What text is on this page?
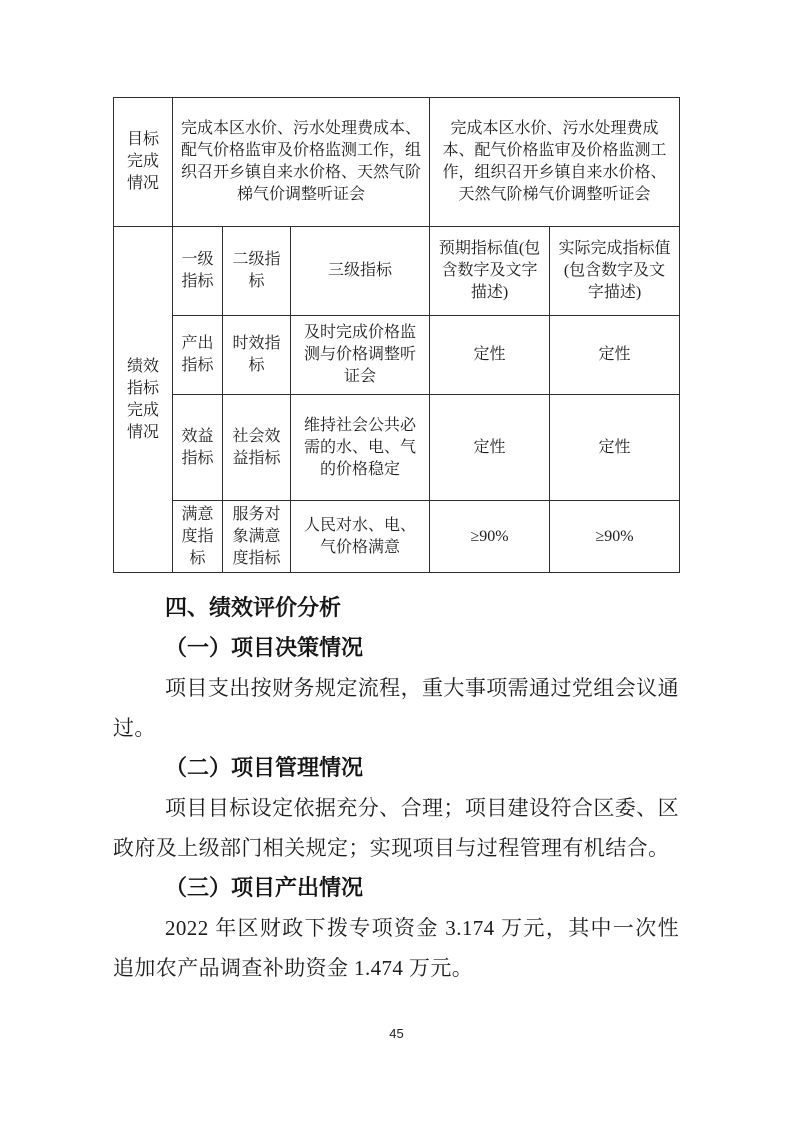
目标完成情况	完成本区水价、污水处理费成本、配气价格监审及价格监测工作，组织召开乡镇自来水价格、天然气阶梯气价调整听证会			完成本区水价、污水处理费成本、配气价格监审及价格监测工作，组织召开乡镇自来水价格、天然气阶梯气价调整听证会	
绩效指标完成情况	一级指标	二级指标	三级指标	预期指标值(包含数字及文字描述)	实际完成指标值(包含数字及文字描述)
	产出指标	时效指标	及时完成价格监测与价格调整听证会	定性	定性
	效益指标	社会效益指标	维持社会公共必需的水、电、气的价格稳定	定性	定性
	满意度指标	服务对象满意度指标	人民对水、电、气价格满意	≥90%	≥90%
四、绩效评价分析
（一）项目决策情况

项目支出按财务规定流程，重大事项需通过党组会议通过。

（二）项目管理情况

项目目标设定依据充分、合理；项目建设符合区委、区政府及上级部门相关规定；实现项目与过程管理有机结合。

（三）项目产出情况

2022 年区财政下拨专项资金 3.174 万元，其中一次性追加农产品调查补助资金 1.474 万元。

45
